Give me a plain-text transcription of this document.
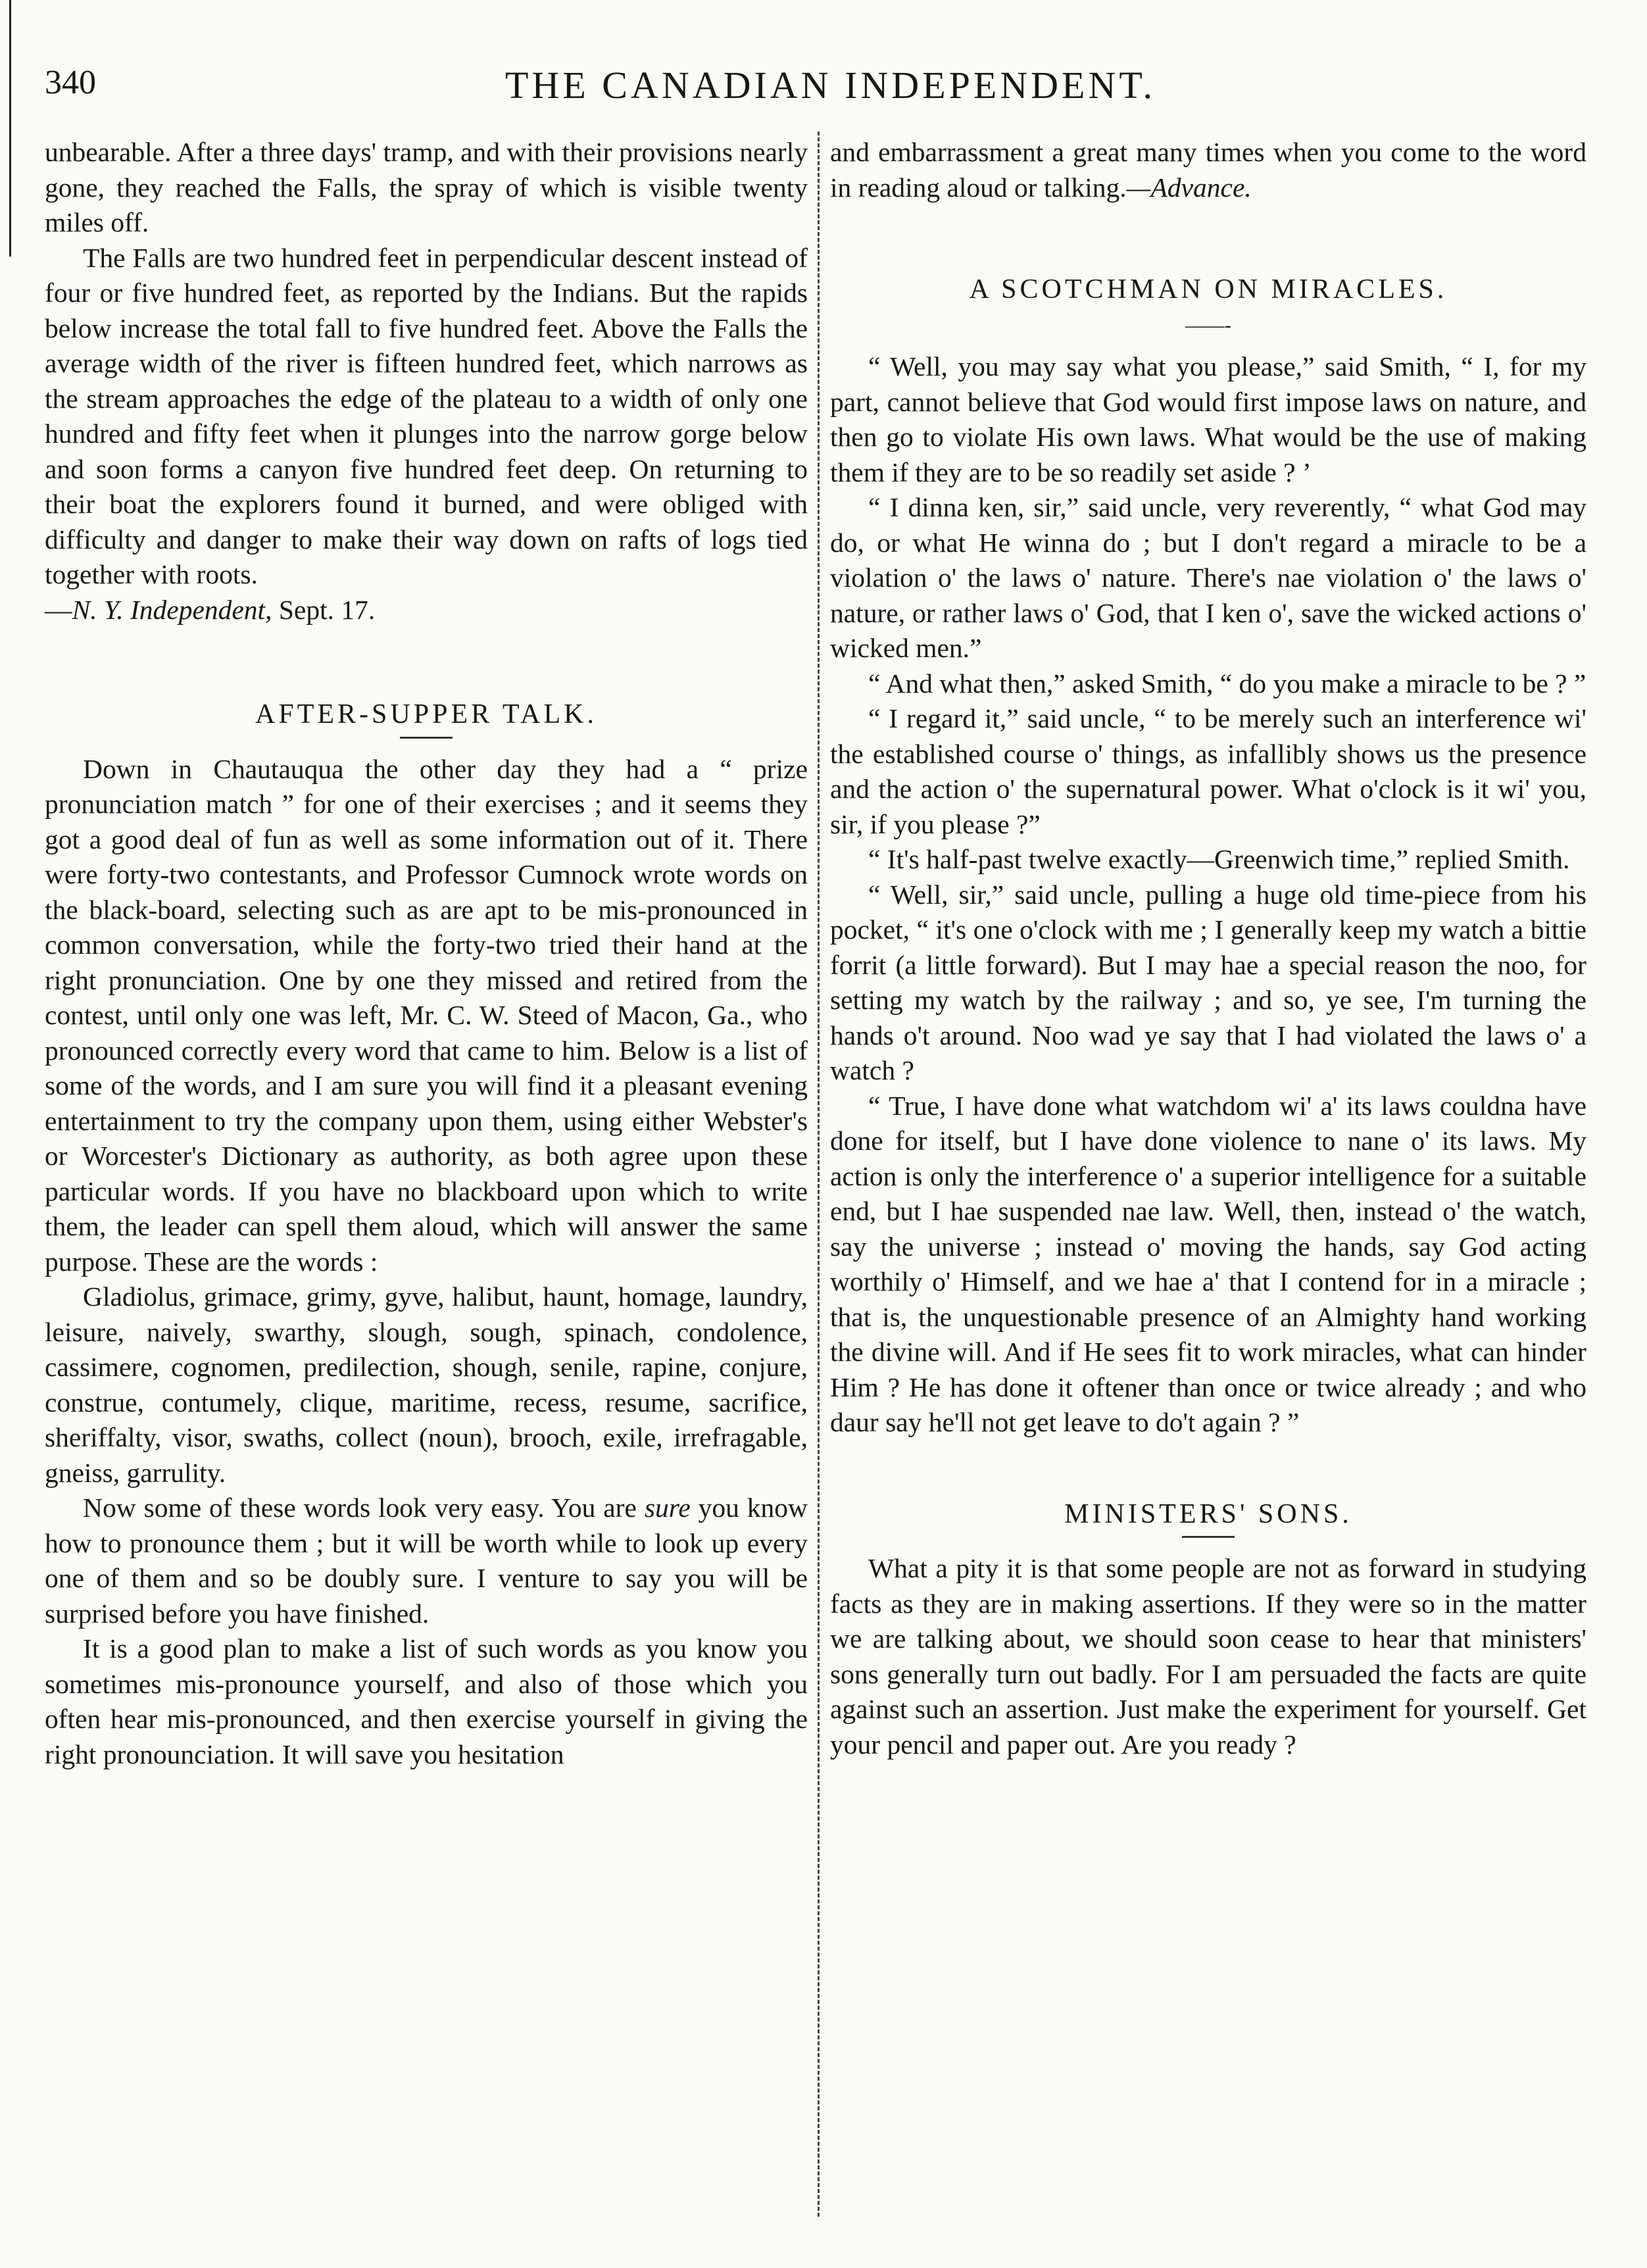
340	THE CANADIAN INDEPENDENT.

unbearable. After a three days' tramp, and with their provisions nearly gone, they reached the Falls, the spray of which is visible twenty miles off.

The Falls are two hundred feet in perpendicular descent instead of four or five hundred feet, as reported by the Indians. But the rapids below increase the total fall to five hundred feet. Above the Falls the average width of the river is fifteen hundred feet, which narrows as the stream approaches the edge of the plateau to a width of only one hundred and fifty feet when it plunges into the narrow gorge below and soon forms a canyon five hundred feet deep. On returning to their boat the explorers found it burned, and were obliged with difficulty and danger to make their way down on rafts of logs tied together with roots.

—N. Y. Independent, Sept. 17.

AFTER-SUPPER TALK.

Down in Chautauqua the other day they had a “ prize pronunciation match ” for one of their exercises ; and it seems they got a good deal of fun as well as some information out of it. There were forty-two contestants, and Professor Cumnock wrote words on the black-board, selecting such as are apt to be mis-pronounced in common conversation, while the forty-two tried their hand at the right pronunciation. One by one they missed and retired from the contest, until only one was left, Mr. C. W. Steed of Macon, Ga., who pronounced correctly every word that came to him. Below is a list of some of the words, and I am sure you will find it a pleasant evening entertainment to try the company upon them, using either Webster's or Worcester's Dictionary as authority, as both agree upon these particular words. If you have no blackboard upon which to write them, the leader can spell them aloud, which will answer the same purpose. These are the words :

Gladiolus, grimace, grimy, gyve, halibut, haunt, homage, laundry, leisure, naively, swarthy, slough, sough, spinach, condolence, cassimere, cognomen, predilection, shough, senile, rapine, conjure, construe, contumely, clique, maritime, recess, resume, sacrifice, sheriffalty, visor, swaths, collect (noun), brooch, exile, irrefragable, gneiss, garrulity.

Now some of these words look very easy. You are sure you know how to pronounce them ; but it will be worth while to look up every one of them and so be doubly sure. I venture to say you will be surprised before you have finished.

It is a good plan to make a list of such words as you know you sometimes mis-pronounce yourself, and also of those which you often hear mis-pronounced, and then exercise yourself in giving the right pronounciation. It will save you hesitation

and embarrassment a great many times when you come to the word in reading aloud or talking.—Advance.

A SCOTCHMAN ON MIRACLES.
——-

“ Well, you may say what you please,” said Smith, “ I, for my part, cannot believe that God would first impose laws on nature, and then go to violate His own laws. What would be the use of making them if they are to be so readily set aside ? ’

“ I dinna ken, sir,” said uncle, very reverently, “ what God may do, or what He winna do ; but I don't regard a miracle to be a violation o' the laws o' nature. There's nae violation o' the laws o' nature, or rather laws o' God, that I ken o', save the wicked actions o' wicked men.”

“ And what then,” asked Smith, “ do you make a miracle to be ? ”

“ I regard it,” said uncle, “ to be merely such an interference wi' the established course o' things, as infallibly shows us the presence and the action o' the supernatural power. What o'clock is it wi' you, sir, if you please ?”

“ It's half-past twelve exactly—Greenwich time,” replied Smith.

“ Well, sir,” said uncle, pulling a huge old time-piece from his pocket, “ it's one o'clock with me ; I generally keep my watch a bittie forrit (a little forward). But I may hae a special reason the noo, for setting my watch by the railway ; and so, ye see, I'm turning the hands o't around. Noo wad ye say that I had violated the laws o' a watch ?

“ True, I have done what watchdom wi' a' its laws couldna have done for itself, but I have done violence to nane o' its laws. My action is only the interference o' a superior intelligence for a suitable end, but I hae suspended nae law. Well, then, instead o' the watch, say the universe ; instead o' moving the hands, say God acting worthily o' Himself, and we hae a' that I contend for in a miracle ; that is, the unquestionable presence of an Almighty hand working the divine will. And if He sees fit to work miracles, what can hinder Him ? He has done it oftener than once or twice already ; and who daur say he'll not get leave to do't again ? ”

MINISTERS' SONS.

What a pity it is that some people are not as forward in studying facts as they are in making assertions. If they were so in the matter we are talking about, we should soon cease to hear that ministers' sons generally turn out badly. For I am persuaded the facts are quite against such an assertion. Just make the experiment for yourself. Get your pencil and paper out. Are you ready ?
